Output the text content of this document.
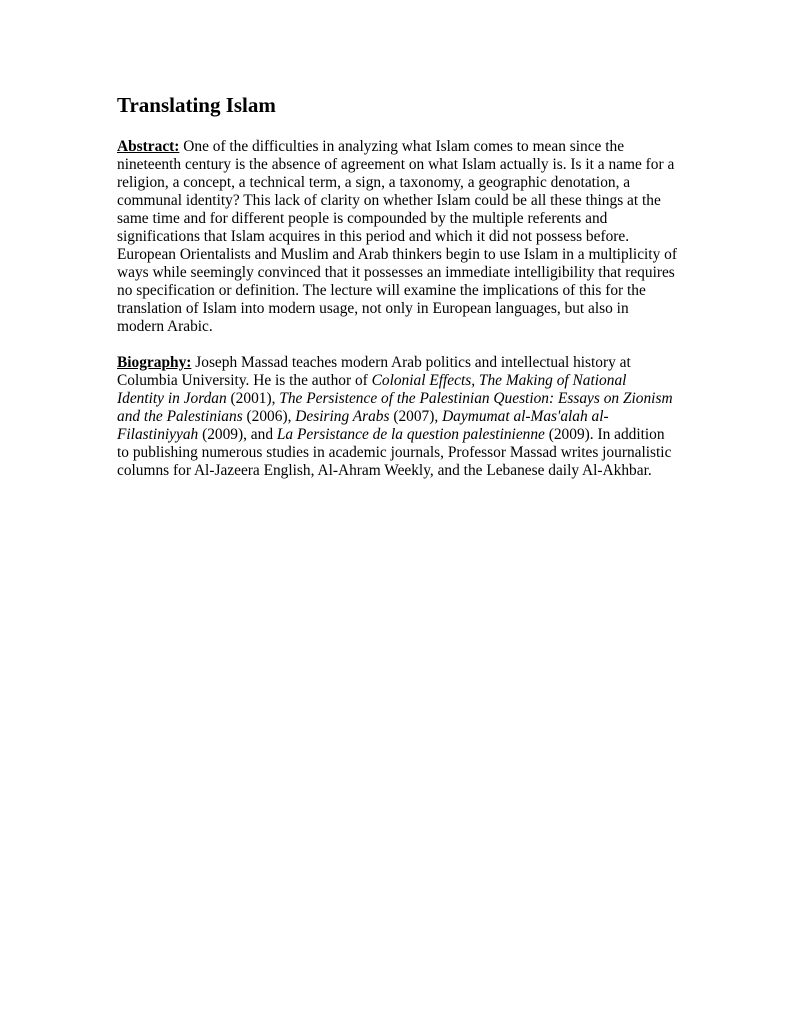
Translating Islam

Abstract: One of the difficulties in analyzing what Islam comes to mean since the nineteenth century is the absence of agreement on what Islam actually is. Is it a name for a religion, a concept, a technical term, a sign, a taxonomy, a geographic denotation, a communal identity? This lack of clarity on whether Islam could be all these things at the same time and for different people is compounded by the multiple referents and significations that Islam acquires in this period and which it did not possess before. European Orientalists and Muslim and Arab thinkers begin to use Islam in a multiplicity of ways while seemingly convinced that it possesses an immediate intelligibility that requires no specification or definition. The lecture will examine the implications of this for the translation of Islam into modern usage, not only in European languages, but also in modern Arabic.

Biography: Joseph Massad teaches modern Arab politics and intellectual history at Columbia University. He is the author of Colonial Effects, The Making of National Identity in Jordan (2001), The Persistence of the Palestinian Question: Essays on Zionism and the Palestinians (2006), Desiring Arabs (2007), Daymumat al-Mas'alah al-Filastiniyyah (2009), and La Persistance de la question palestinienne (2009). In addition to publishing numerous studies in academic journals, Professor Massad writes journalistic columns for Al-Jazeera English, Al-Ahram Weekly, and the Lebanese daily Al-Akhbar.
